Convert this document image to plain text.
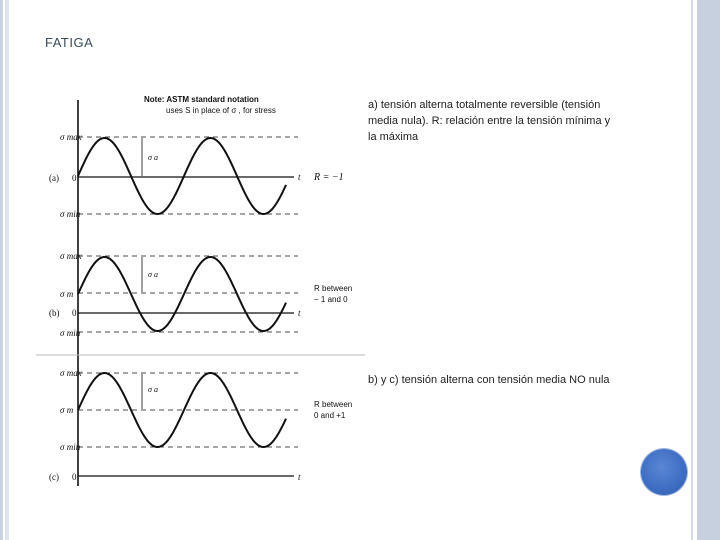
FATIGA
Note: ASTM standard notation
uses S in place of σ , for stress
σ max
σ a
(a) 0	t R = −1
σ min
σ max
σ a
σ m
R between
− 1 and 0
(b) 0	t
σ min
σ max
σ a
σ m
R between
0 and +1
σ min
(c) 0	t
a) tensión alterna totalmente reversible (tensión media nula). R: relación entre la tensión mínima y la máxima
b) y c) tensión alterna con tensión media NO nula
